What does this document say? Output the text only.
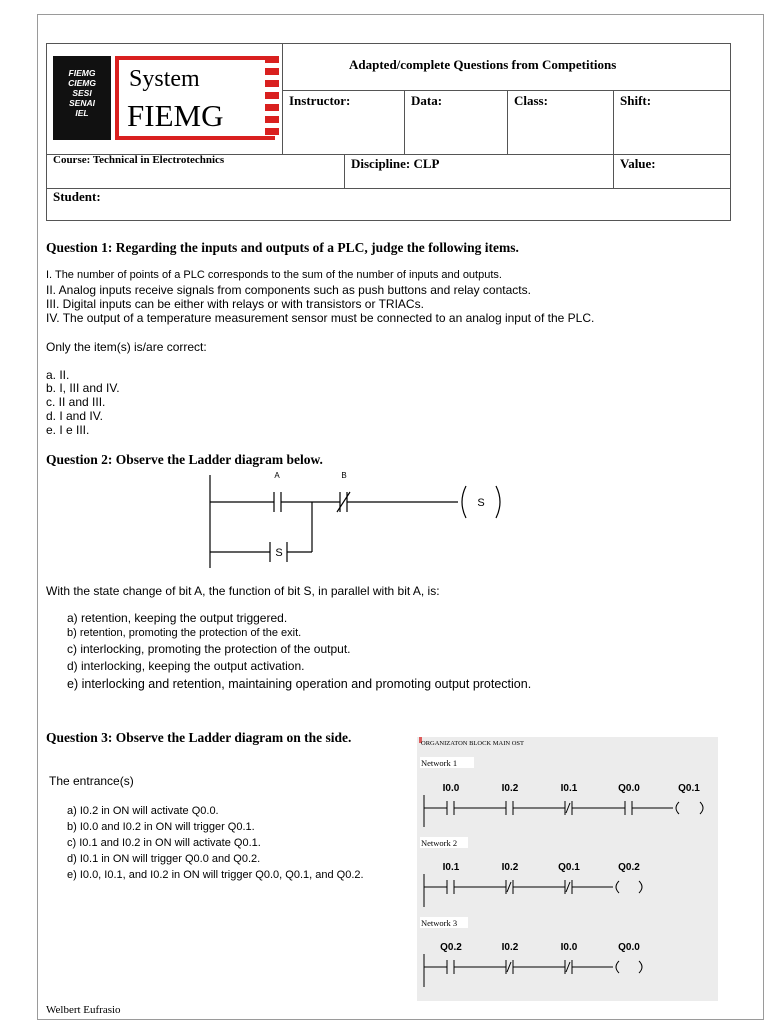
FIEMG
CIEMG
SESI
SENAI
IEL
System
FIEMG
Adapted/complete Questions from Competitions
Instructor:	Data:	Class:	Shift:
Course: Technical in Electrotechnics	Discipline: CLP	Value:
Student:
Question 1: Regarding the inputs and outputs of a PLC, judge the following items.
I. The number of points of a PLC corresponds to the sum of the number of inputs and outputs.
II. Analog inputs receive signals from components such as push buttons and relay contacts.
III. Digital inputs can be either with relays or with transistors or TRIACs.
IV. The output of a temperature measurement sensor must be connected to an analog input of the PLC.
Only the item(s) is/are correct:
a. II.
b. I, III and IV.
c. II and III.
d. I and IV.
e. I e III.
Question 2: Observe the Ladder diagram below.
A	B
S
S
With the state change of bit A, the function of bit S, in parallel with bit A, is:
a) retention, keeping the output triggered.
b) retention, promoting the protection of the exit.
c) interlocking, promoting the protection of the output.
d) interlocking, keeping the output activation.
e) interlocking and retention, maintaining operation and promoting output protection.
Question 3: Observe the Ladder diagram on the side.
The entrance(s)
a) I0.2 in ON will activate Q0.0.
b) I0.0 and I0.2 in ON will trigger Q0.1.
c) I0.1 and I0.2 in ON will activate Q0.1.
d) I0.1 in ON will trigger Q0.0 and Q0.2.
e) I0.0, I0.1, and I0.2 in ON will trigger Q0.0, Q0.1, and Q0.2.
ORGANIZATON BLOCK MAIN OST
Network 1
I0.0	I0.2	I0.1	Q0.0	Q0.1
Network 2
I0.1	I0.2	Q0.1	Q0.2
Network 3
Q0.2	I0.2	I0.0	Q0.0
Welbert Eufrasio
